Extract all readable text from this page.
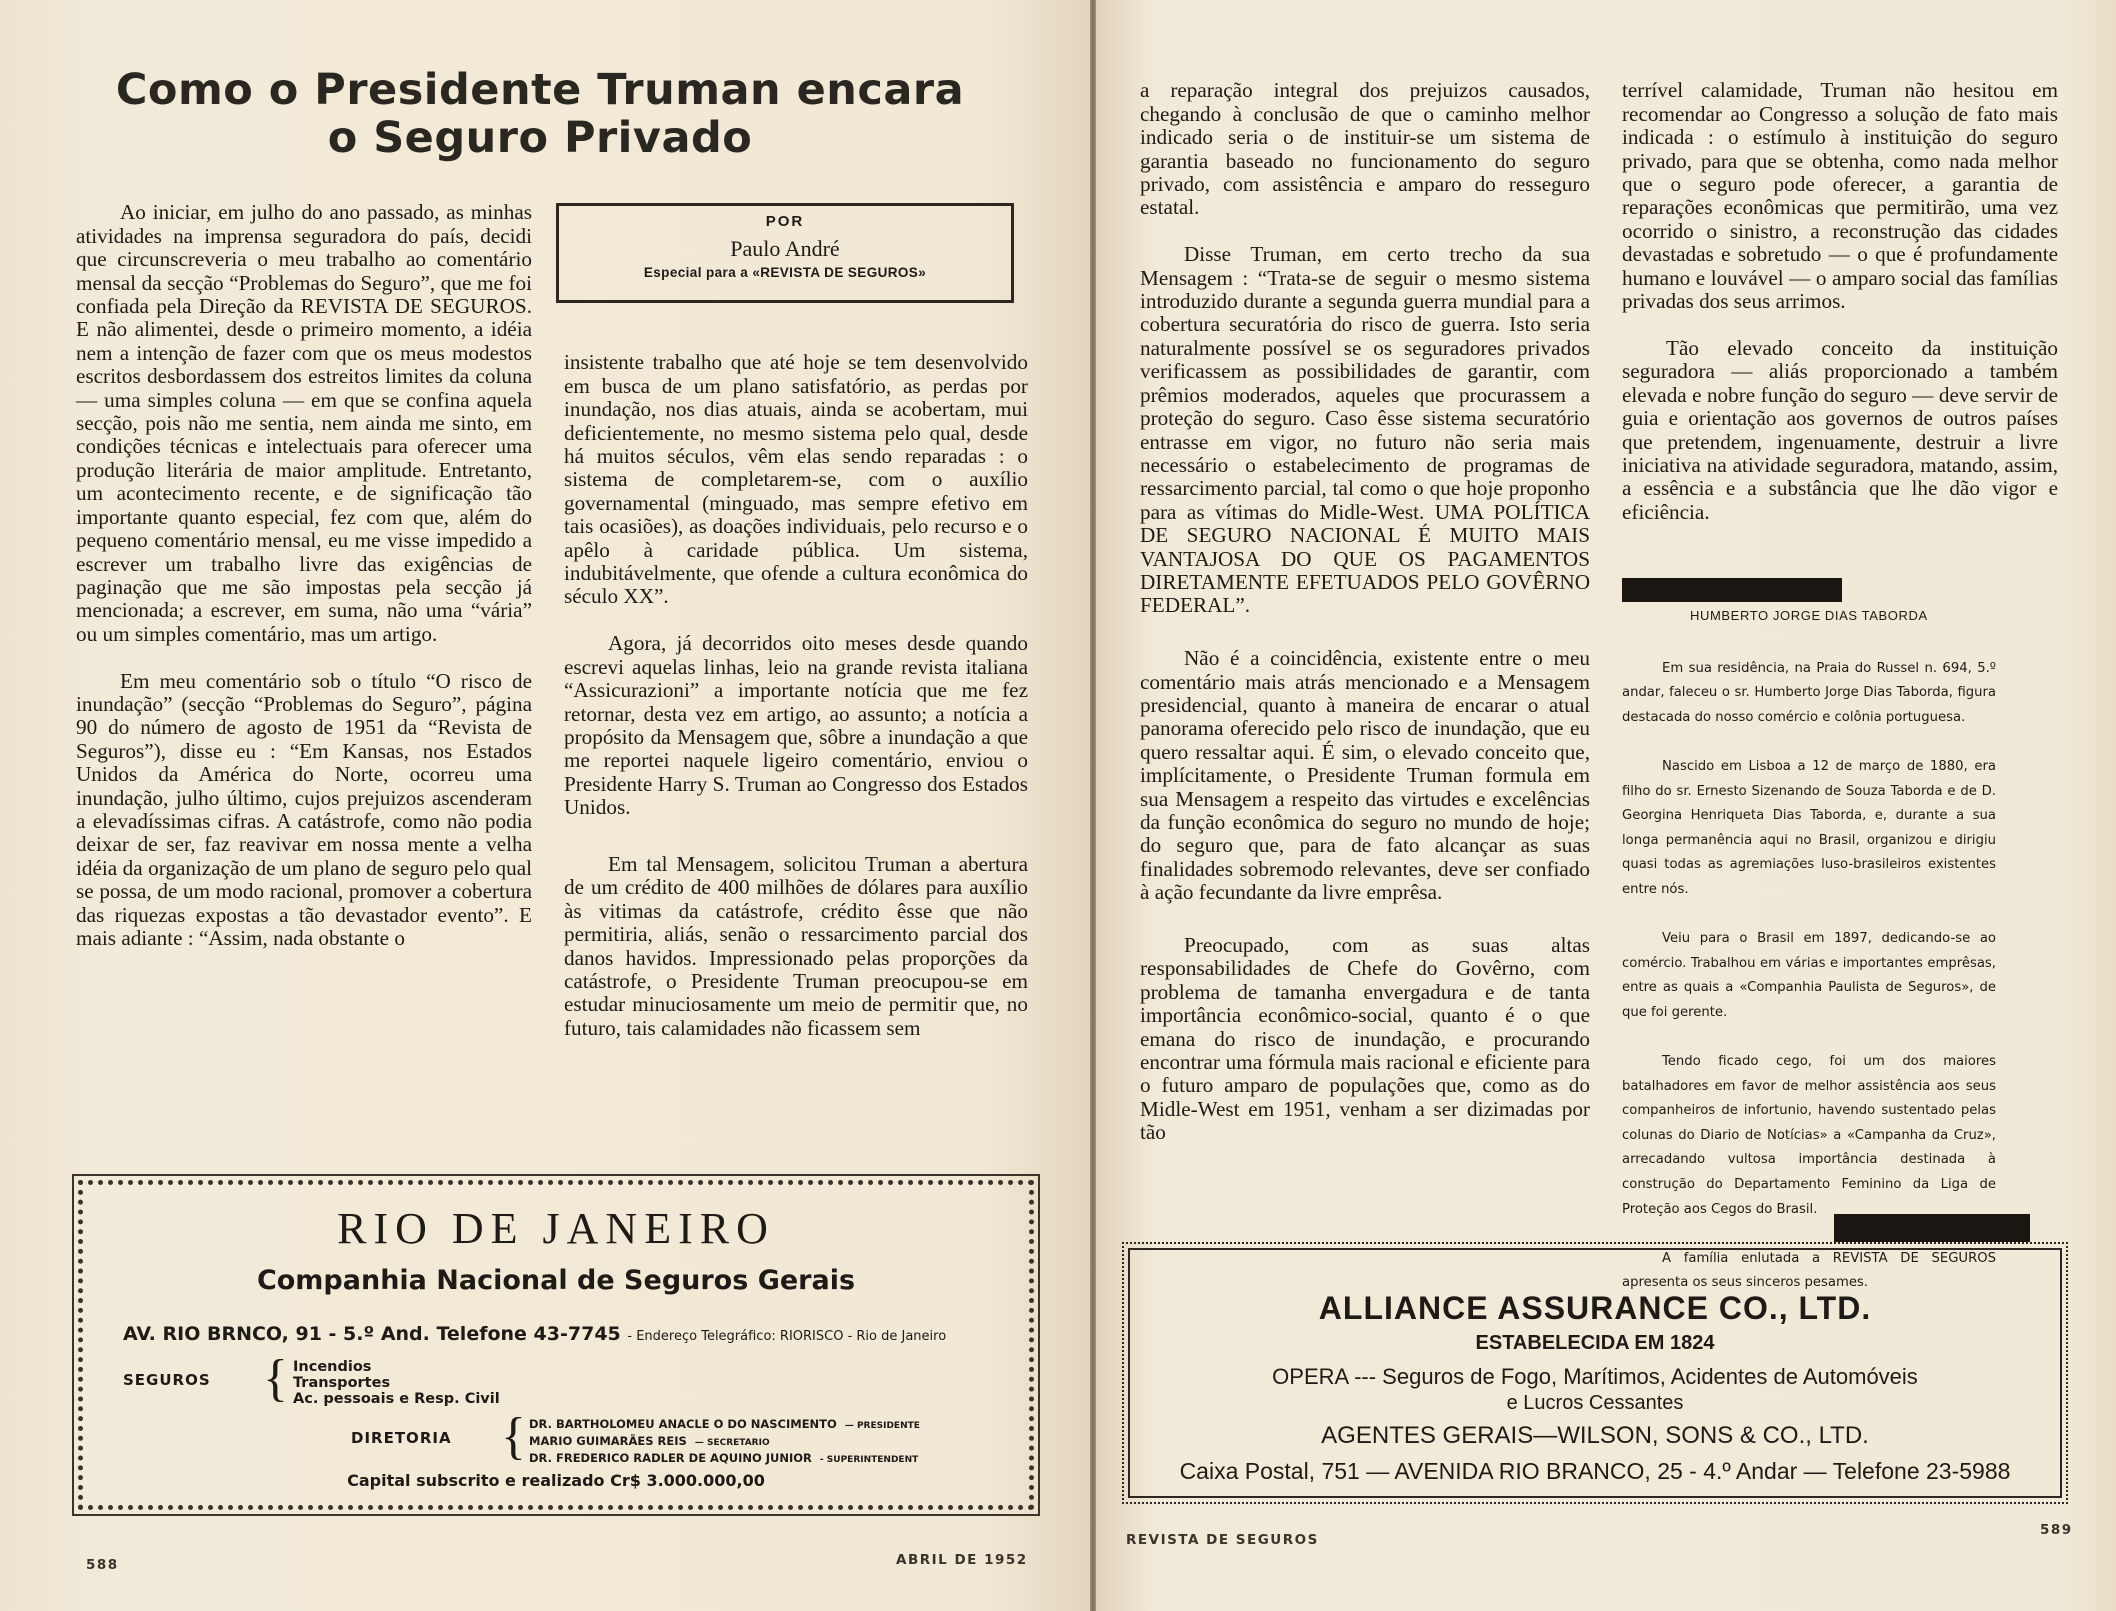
Como o Presidente Truman encara
o Seguro Privado
POR
Paulo André
Especial para a «REVISTA DE SEGUROS»

Ao iniciar, em julho do ano passado, as minhas atividades na imprensa seguradora do país, decidi que circunscreveria o meu trabalho ao comentário mensal da secção “Problemas do Seguro”, que me foi confiada pela Direção da REVISTA DE SEGUROS. E não alimentei, desde o primeiro momento, a idéia nem a intenção de fazer com que os meus modestos escritos desbordassem dos estreitos limites da coluna — uma simples coluna — em que se confina aquela secção, pois não me sentia, nem ainda me sinto, em condições técnicas e intelectuais para oferecer uma produção literária de maior amplitude. Entretanto, um acontecimento recente, e de significação tão importante quanto especial, fez com que, além do pequeno comentário mensal, eu me visse impedido a escrever um trabalho livre das exigências de paginação que me são impostas pela secção já mencionada; a escrever, em suma, não uma “vária” ou um simples comentário, mas um artigo.

Em meu comentário sob o título “O risco de inundação” (secção “Problemas do Seguro”, página 90 do número de agosto de 1951 da “Revista de Seguros”), disse eu : “Em Kansas, nos Estados Unidos da América do Norte, ocorreu uma inundação, julho último, cujos prejuizos ascenderam a elevadíssimas cifras. A catástrofe, como não podia deixar de ser, faz reavivar em nossa mente a velha idéia da organização de um plano de seguro pelo qual se possa, de um modo racional, promover a cobertura das riquezas expostas a tão devastador evento”. E mais adiante : “Assim, nada obstante o

insistente trabalho que até hoje se tem desenvolvido em busca de um plano satisfatório, as perdas por inundação, nos dias atuais, ainda se acobertam, mui deficientemente, no mesmo sistema pelo qual, desde há muitos séculos, vêm elas sendo reparadas : o sistema de completarem-se, com o auxílio governamental (minguado, mas sempre efetivo em tais ocasiões), as doações individuais, pelo recurso e o apêlo à caridade pública. Um sistema, indubitávelmente, que ofende a cultura econômica do século XX”.

Agora, já decorridos oito meses desde quando escrevi aquelas linhas, leio na grande revista italiana “Assicurazioni” a importante notícia que me fez retornar, desta vez em artigo, ao assunto; a notícia a propósito da Mensagem que, sôbre a inundação a que me reportei naquele ligeiro comentário, enviou o Presidente Harry S. Truman ao Congresso dos Estados Unidos.

Em tal Mensagem, solicitou Truman a abertura de um crédito de 400 milhões de dólares para auxílio às vitimas da catástrofe, crédito êsse que não permitiria, aliás, senão o ressarcimento parcial dos danos havidos. Impressionado pelas proporções da catástrofe, o Presidente Truman preocupou-se em estudar minuciosamente um meio de permitir que, no futuro, tais calamidades não ficassem sem

RIO DE JANEIRO
Companhia Nacional de Seguros Gerais
AV. RIO BRNCO, 91 - 5.º And. Telefone 43-7745 - Endereço Telegráfico: RIORISCO - Rio de Janeiro
SEGUROS { Incendios
Transportes
Ac. pessoais e Resp. Civil
DIRETORIA { DR. BARTHOLOMEU ANACLE O DO NASCIMENTO — PRESIDENTE
MARIO GUIMARÃES REIS — SECRETARIO
DR. FREDERICO RADLER DE AQUINO JUNIOR - SUPERINTENDENT
Capital subscrito e realizado Cr$ 3.000.000,00
588	ABRIL DE 1952

a reparação integral dos prejuizos causados, chegando à conclusão de que o caminho melhor indicado seria o de instituir-se um sistema de garantia baseado no funcionamento do seguro privado, com assistência e amparo do resseguro estatal.

Disse Truman, em certo trecho da sua Mensagem : “Trata-se de seguir o mesmo sistema introduzido durante a segunda guerra mundial para a cobertura securatória do risco de guerra. Isto seria naturalmente possível se os seguradores privados verificassem as possibilidades de garantir, com prêmios moderados, aqueles que procurassem a proteção do seguro. Caso êsse sistema securatório entrasse em vigor, no futuro não seria mais necessário o estabelecimento de programas de ressarcimento parcial, tal como o que hoje proponho para as vítimas do Midle-West. UMA POLÍTICA DE SEGURO NACIONAL É MUITO MAIS VANTAJOSA DO QUE OS PAGAMENTOS DIRETAMENTE EFETUADOS PELO GOVÊRNO FEDERAL”.

Não é a coincidência, existente entre o meu comentário mais atrás mencionado e a Mensagem presidencial, quanto à maneira de encarar o atual panorama oferecido pelo risco de inundação, que eu quero ressaltar aqui. É sim, o elevado conceito que, implícitamente, o Presidente Truman formula em sua Mensagem a respeito das virtudes e excelências da função econômica do seguro no mundo de hoje; do seguro que, para de fato alcançar as suas finalidades sobremodo relevantes, deve ser confiado à ação fecundante da livre emprêsa.

Preocupado, com as suas altas responsabilidades de Chefe do Govêrno, com problema de tamanha envergadura e de tanta importância econômico-social, quanto é o que emana do risco de inundação, e procurando encontrar uma fórmula mais racional e eficiente para o futuro amparo de populações que, como as do Midle-West em 1951, venham a ser dizimadas por tão

terrível calamidade, Truman não hesitou em recomendar ao Congresso a solução de fato mais indicada : o estímulo à instituição do seguro privado, para que se obtenha, como nada melhor que o seguro pode oferecer, a garantia de reparações econômicas que permitirão, uma vez ocorrido o sinistro, a reconstrução das cidades devastadas e sobretudo — o que é profundamente humano e louvável — o amparo social das famílias privadas dos seus arrimos.

Tão elevado conceito da instituição seguradora — aliás proporcionado a também elevada e nobre função do seguro — deve servir de guia e orientação aos governos de outros países que pretendem, ingenuamente, destruir a livre iniciativa na atividade seguradora, matando, assim, a essência e a substância que lhe dão vigor e eficiência.

HUMBERTO JORGE DIAS TABORDA

Em sua residência, na Praia do Russel n. 694, 5.º andar, faleceu o sr. Humberto Jorge Dias Taborda, figura destacada do nosso comércio e colônia portuguesa.

Nascido em Lisboa a 12 de março de 1880, era filho do sr. Ernesto Sizenando de Souza Taborda e de D. Georgina Henriqueta Dias Taborda, e, durante a sua longa permanência aqui no Brasil, organizou e dirigiu quasi todas as agremiações luso-brasileiros existentes entre nós.

Veiu para o Brasil em 1897, dedicando-se ao comércio. Trabalhou em várias e importantes emprêsas, entre as quais a «Companhia Paulista de Seguros», de que foi gerente.

Tendo ficado cego, foi um dos maiores batalhadores em favor de melhor assistência aos seus companheiros de infortunio, havendo sustentado pelas colunas do Diario de Notícias» a «Campanha da Cruz», arrecadando vultosa importância destinada à construção do Departamento Feminino da Liga de Proteção aos Cegos do Brasil.

A família enlutada a REVISTA DE SEGUROS apresenta os seus sinceros pesames.

ALLIANCE ASSURANCE CO., LTD.
ESTABELECIDA EM 1824
OPERA --- Seguros de Fogo, Marítimos, Acidentes de Automóveis
e Lucros Cessantes
AGENTES GERAIS—WILSON, SONS & CO., LTD.
Caixa Postal, 751 — AVENIDA RIO BRANCO, 25 - 4.º Andar — Telefone 23-5988
REVISTA DE SEGUROS
589
